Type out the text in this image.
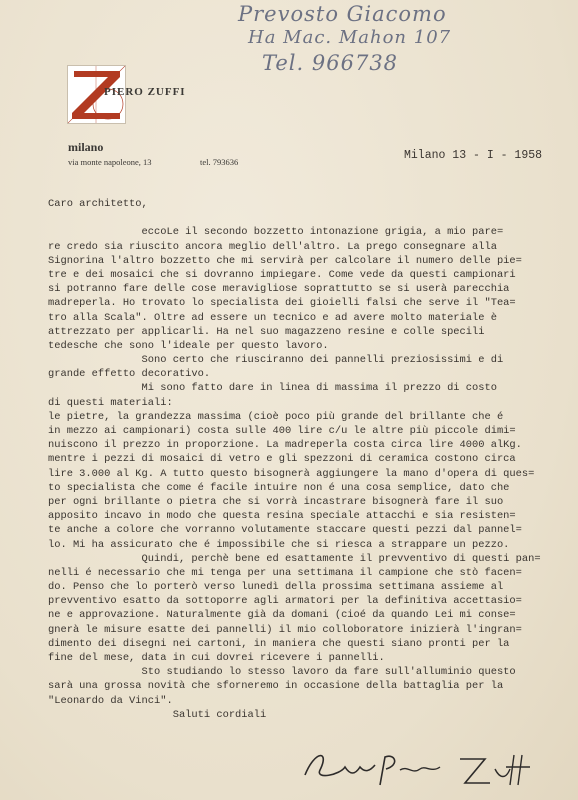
Prevosto Giacomo
Ha Mac. Mahon 107
Tel. 966738
PIERO ZUFFI
milano
via monte napoleone, 13	tel. 793636	Milano 13 - I - 1958
Caro architetto,
eccoLe il secondo bozzetto intonazione grigia, a mio pare=
re credo sia riuscito ancora meglio dell'altro. La prego consegnare alla
Signorina l'altro bozzetto che mi servirà per calcolare il numero delle pie=
tre e dei mosaici che si dovranno impiegare. Come vede da questi campionari
si potranno fare delle cose meravigliose soprattutto se si userà parecchia
madreperla. Ho trovato lo specialista dei gioielli falsi che serve il "Tea=
tro alla Scala". Oltre ad essere un tecnico e ad avere molto materiale è
attrezzato per applicarli. Ha nel suo magazzeno resine e colle specili
tedesche che sono l'ideale per questo lavoro.
Sono certo che riusciranno dei pannelli preziosissimi e di
grande effetto decorativo.
Mi sono fatto dare in linea di massima il prezzo di costo
di questi materiali:
le pietre, la grandezza massima (cioè poco più grande del brillante che é
in mezzo ai campionari) costa sulle 400 lire c/u le altre più piccole dimi=
nuiscono il prezzo in proporzione. La madreperla costa circa lire 4000 alKg.
mentre i pezzi di mosaici di vetro e gli spezzoni di ceramica costono circa
lire 3.000 al Kg. A tutto questo bisognerà aggiungere la mano d'opera di ques=
to specialista che come é facile intuire non é una cosa semplice, dato che
per ogni brillante o pietra che si vorrà incastrare bisognerà fare il suo
apposito incavo in modo che questa resina speciale attacchi e sia resisten=
te anche a colore che vorranno volutamente staccare questi pezzi dal pannel=
lo. Mi ha assicurato che é impossibile che si riesca a strappare un pezzo.
Quindi, perchè bene ed esattamente il prevventivo di questi pan=
nelli é necessario che mi tenga per una settimana il campione che stò facen=
do. Penso che lo porterò verso lunedì della prossima settimana assieme al
prevventivo esatto da sottoporre agli armatori per la definitiva accettasio=
ne e approvazione. Naturalmente già da domani (cioé da quando Lei mi conse=
gnerà le misure esatte dei pannelli) il mio colloboratore inizierà l'ingran=
dimento dei disegni nei cartoni, in maniera che questi siano pronti per la
fine del mese, data in cui dovrei ricevere i pannelli.
Sto studiando lo stesso lavoro da fare sull'alluminio questo
sarà una grossa novità che sforneremo in occasione della battaglia per la
"Leonardo da Vinci".
Saluti cordiali
